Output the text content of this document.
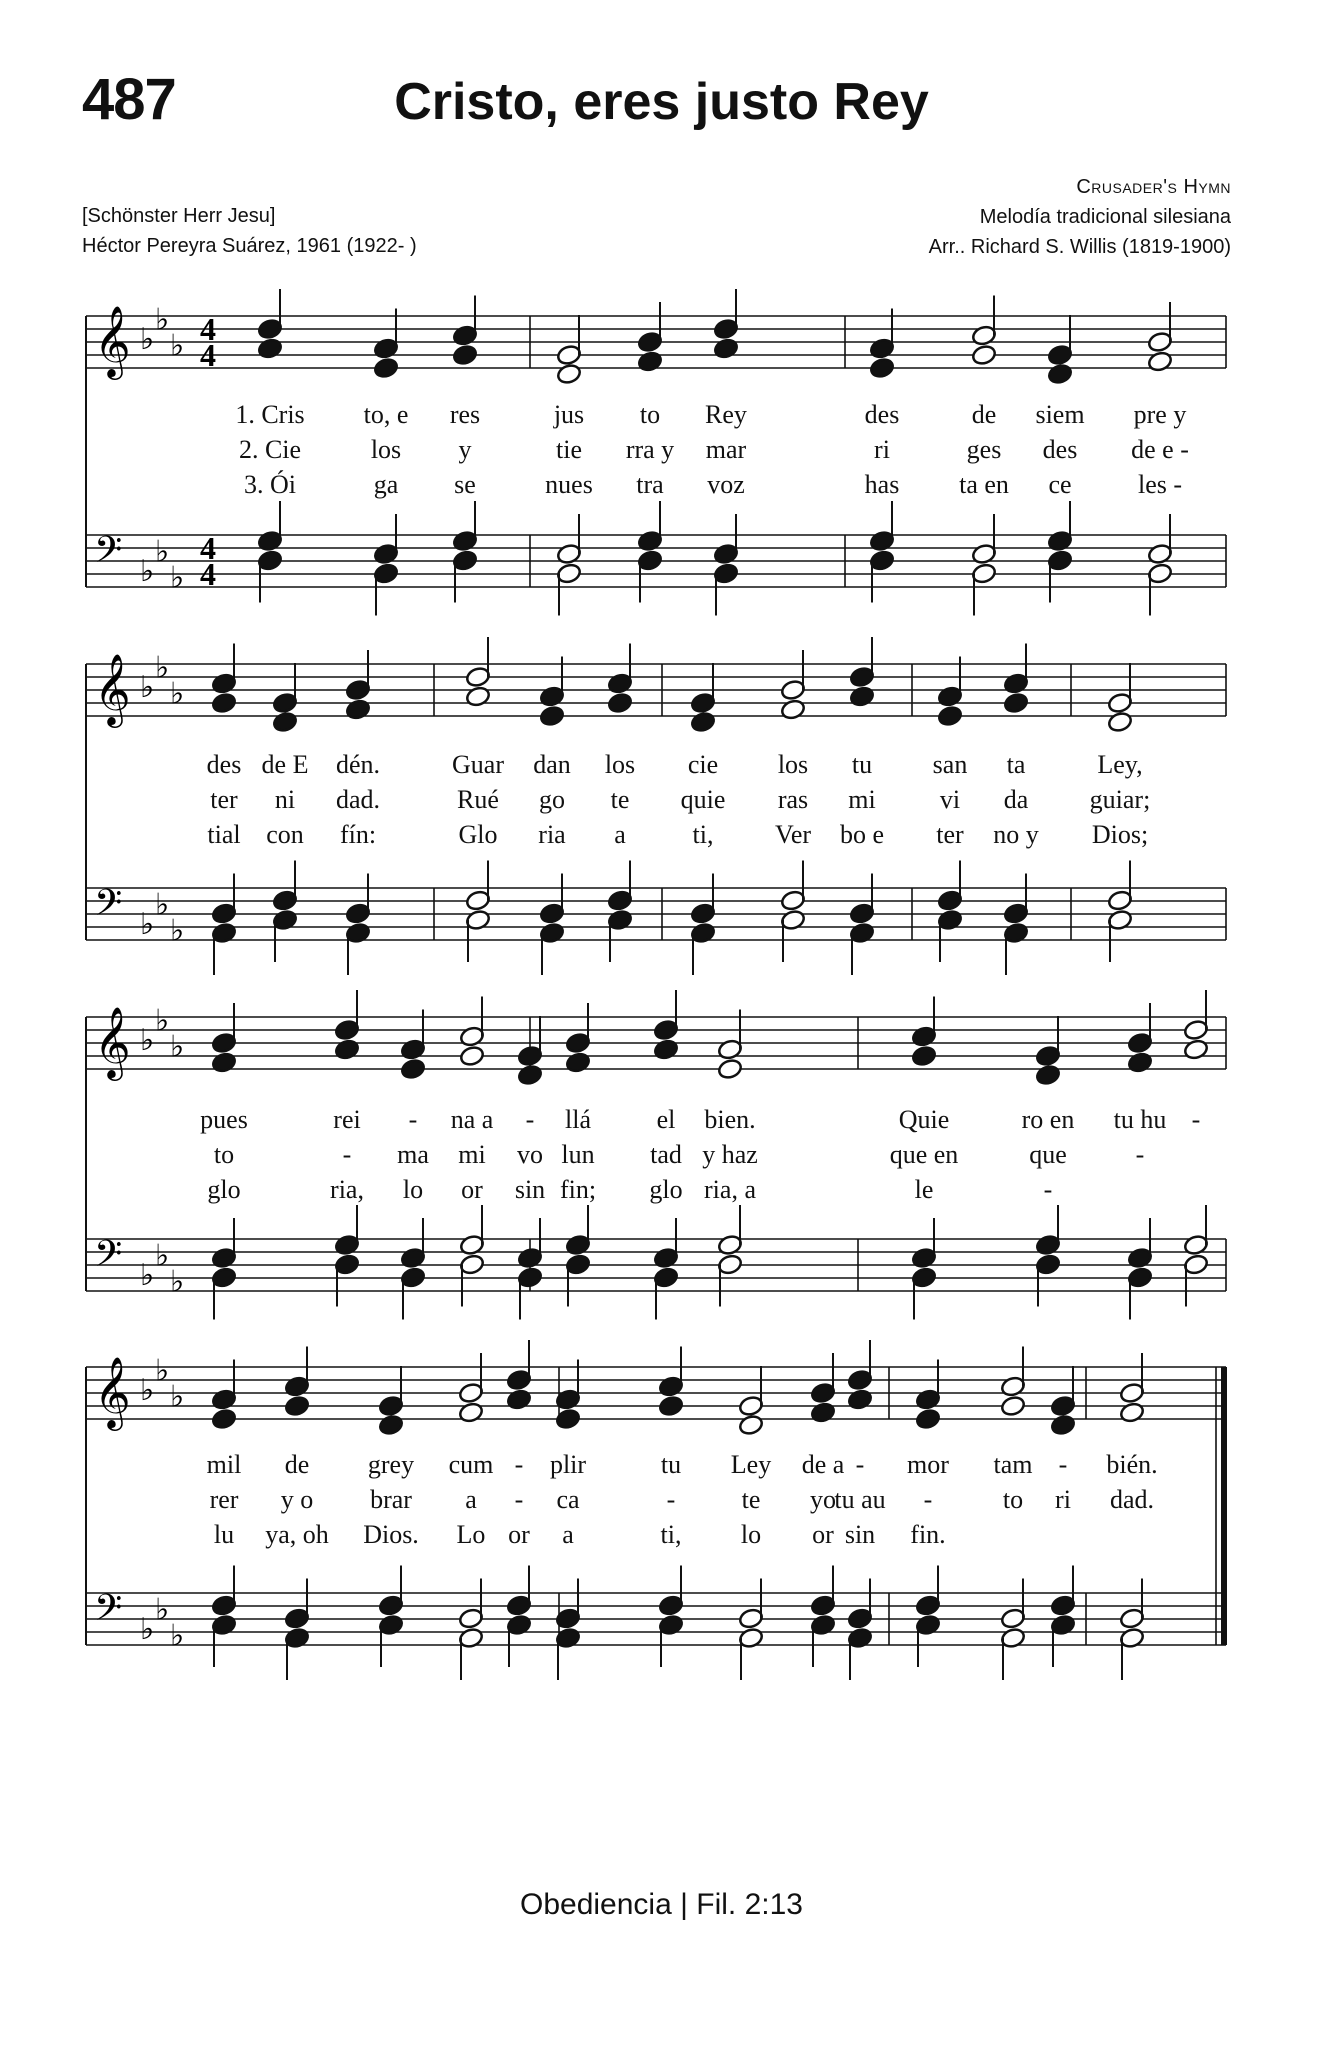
487	Cristo, eres justo Rey
[Schönster Herr Jesu]
Héctor Pereyra Suárez, 1961 (1922- )
Crusader's Hymn
Melodía tradicional silesiana
Arr.. Richard S. Willis (1819-1900)
𝄞
𝄢
♭
♭
♭
♭
♭
♭
4
4
4
4
𝄞
𝄢
♭
♭
♭
♭
♭
♭
𝄞
𝄢
♭
♭
♭
♭
♭
♭
𝄞
𝄢
♭
♭
♭
♭
♭
♭
1. Cris to, e res	jus to Rey	des	de siem pre y
2. Cie	los y	tie rra y mar	ri	ges des de e -
3. Ói	ga se	nues tra voz	has ta en ce	les -
des de E dén.	Guar dan los cie los tu san ta	Ley,
ter ni dad.	Rué go te quie ras mi vi da guiar;
tial con fín:	Glo ria a	ti, Ver bo e ter no y Dios;
pues	rei - na a - llá	el bien.	Quie	ro en tu hu -
to	- ma mi vo lun tad y haz	que en	que	-
glo	ria, lo or sin fin; glo ria, a	le	-
mil de grey cum - plir	tu Ley de a - mor tam - bién.
rer y o brar a - ca	-	te yo
tu au -	to ri dad.
lu ya, oh Dios. Lo or a	ti, lo or sin fin.
Obediencia | Fil. 2:13
